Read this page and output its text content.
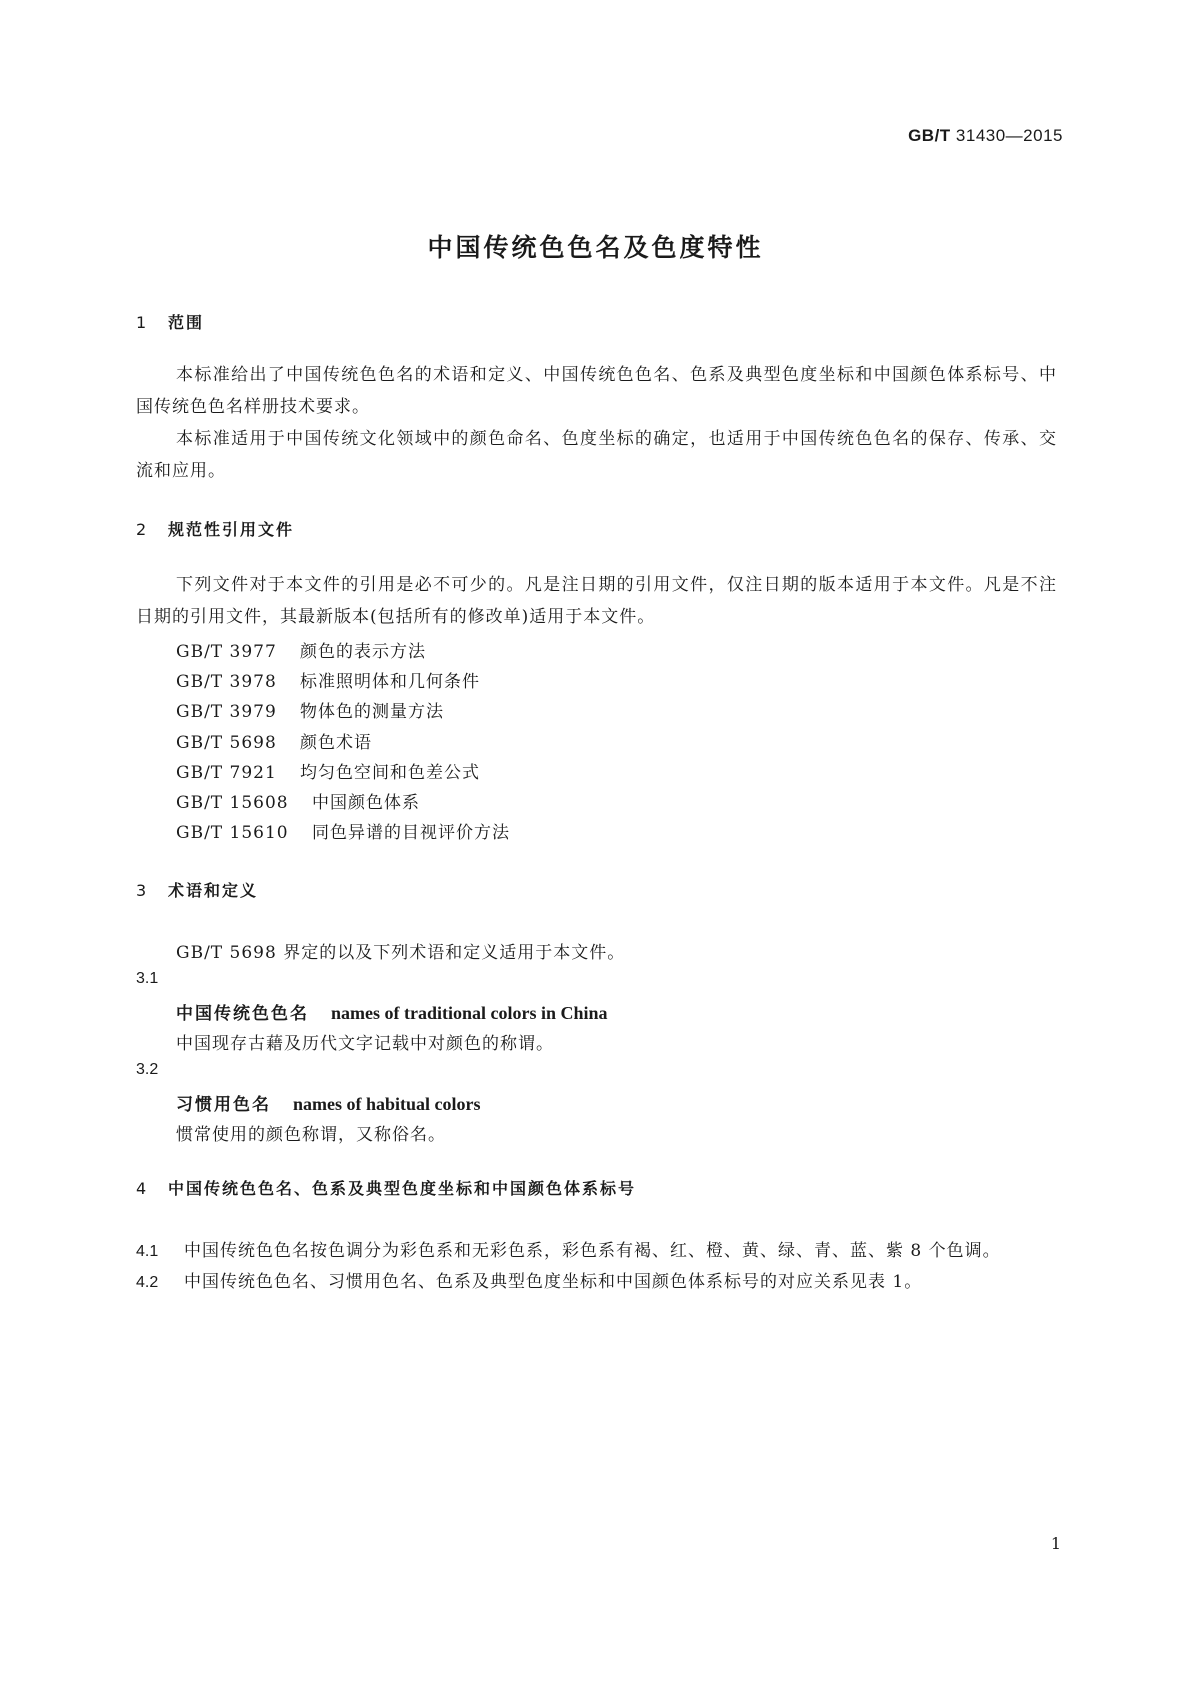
GB/T 31430—2015
中国传统色色名及色度特性
1 范围
本标准给出了中国传统色色名的术语和定义、中国传统色色名、色系及典型色度坐标和中国颜色体系标号、中国传统色色名样册技术要求。
本标准适用于中国传统文化领域中的颜色命名、色度坐标的确定，也适用于中国传统色色名的保存、传承、交流和应用。
2 规范性引用文件
下列文件对于本文件的引用是必不可少的。凡是注日期的引用文件，仅注日期的版本适用于本文件。凡是不注日期的引用文件，其最新版本(包括所有的修改单)适用于本文件。
GB/T 3977 颜色的表示方法
GB/T 3978 标准照明体和几何条件
GB/T 3979 物体色的测量方法
GB/T 5698 颜色术语
GB/T 7921 均匀色空间和色差公式
GB/T 15608 中国颜色体系
GB/T 15610 同色异谱的目视评价方法
3 术语和定义
GB/T 5698 界定的以及下列术语和定义适用于本文件。
3.1
中国传统色色名 names of traditional colors in China
中国现存古藉及历代文字记载中对颜色的称谓。
3.2
习惯用色名 names of habitual colors
惯常使用的颜色称谓，又称俗名。
4 中国传统色色名、色系及典型色度坐标和中国颜色体系标号
4.1 中国传统色色名按色调分为彩色系和无彩色系，彩色系有褐、红、橙、黄、绿、青、蓝、紫 8 个色调。
4.2 中国传统色色名、习惯用色名、色系及典型色度坐标和中国颜色体系标号的对应关系见表 1。
1
